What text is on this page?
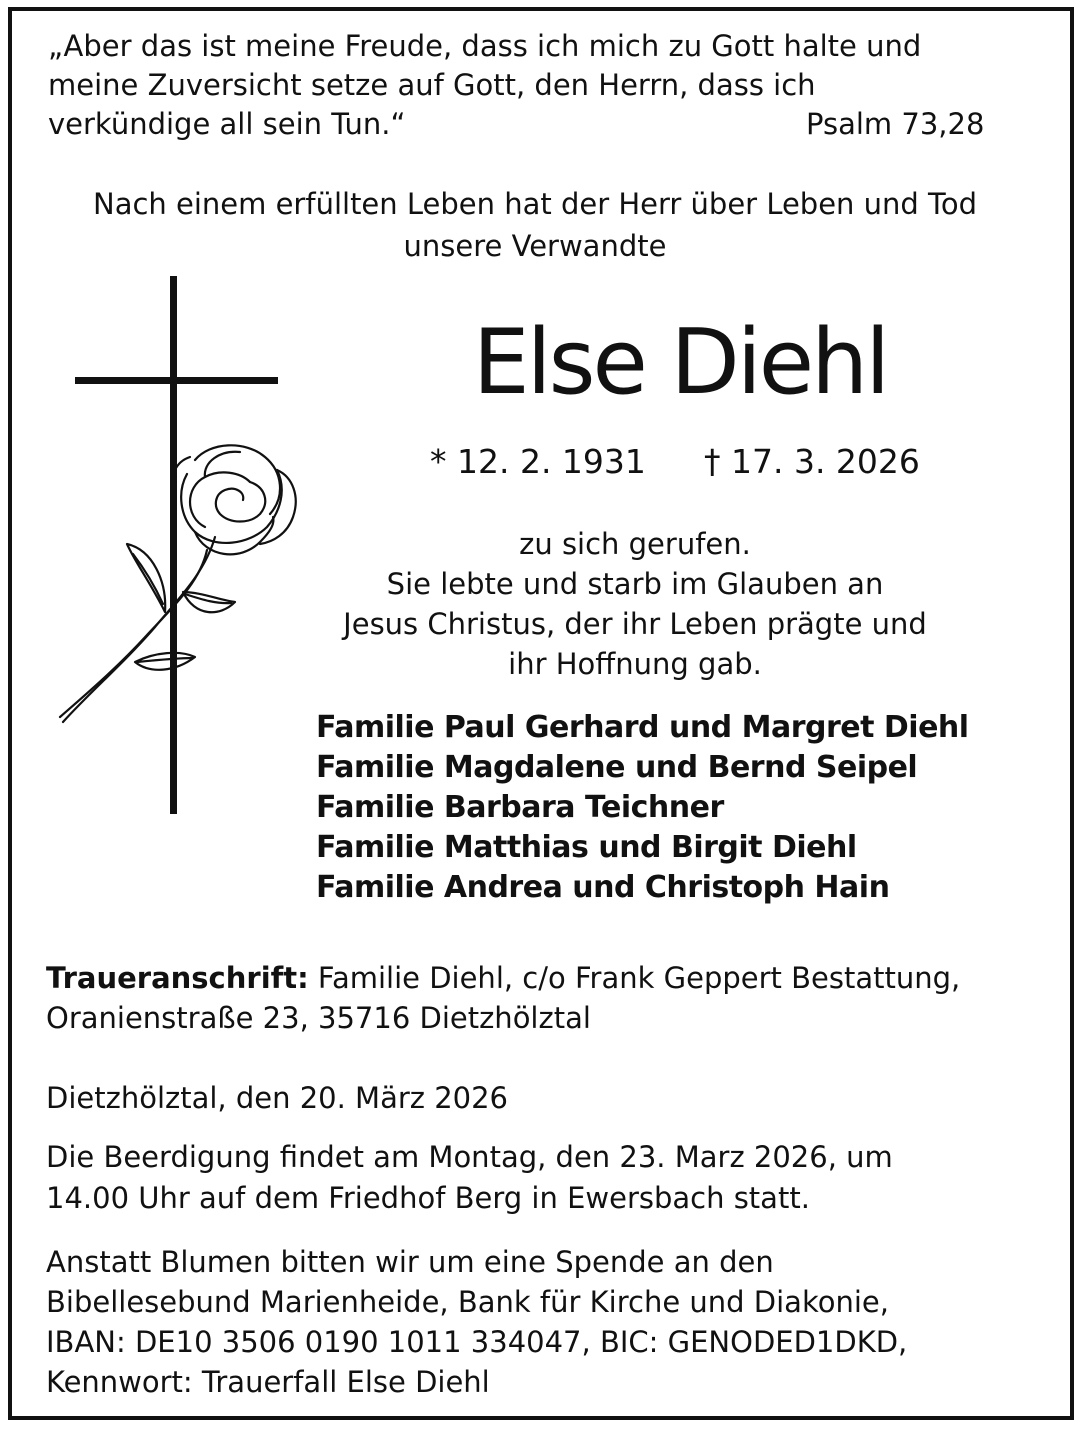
„Aber das ist meine Freude, dass ich mich zu Gott halte und
meine Zuversicht setze auf Gott, den Herrn, dass ich
verkündige all sein Tun.“	Psalm 73,28
Nach einem erfüllten Leben hat der Herr über Leben und Tod
unsere Verwandte
Else Diehl
* 12. 2. 1931 † 17. 3. 2026
zu sich gerufen.
Sie lebte und starb im Glauben an
Jesus Christus, der ihr Leben prägte und
ihr Hoffnung gab.
Familie Paul Gerhard und Margret Diehl
Familie Magdalene und Bernd Seipel
Familie Barbara Teichner
Familie Matthias und Birgit Diehl
Familie Andrea und Christoph Hain
Traueranschrift: Familie Diehl, c/o Frank Geppert Bestattung,
Oranienstraße 23, 35716 Dietzhölztal
Dietzhölztal, den 20. März 2026
Die Beerdigung findet am Montag, den 23. Marz 2026, um
14.00 Uhr auf dem Friedhof Berg in Ewersbach statt.
Anstatt Blumen bitten wir um eine Spende an den
Bibellesebund Marienheide, Bank für Kirche und Diakonie,
IBAN: DE10 3506 0190 1011 334047, BIC: GENODED1DKD,
Kennwort: Trauerfall Else Diehl
